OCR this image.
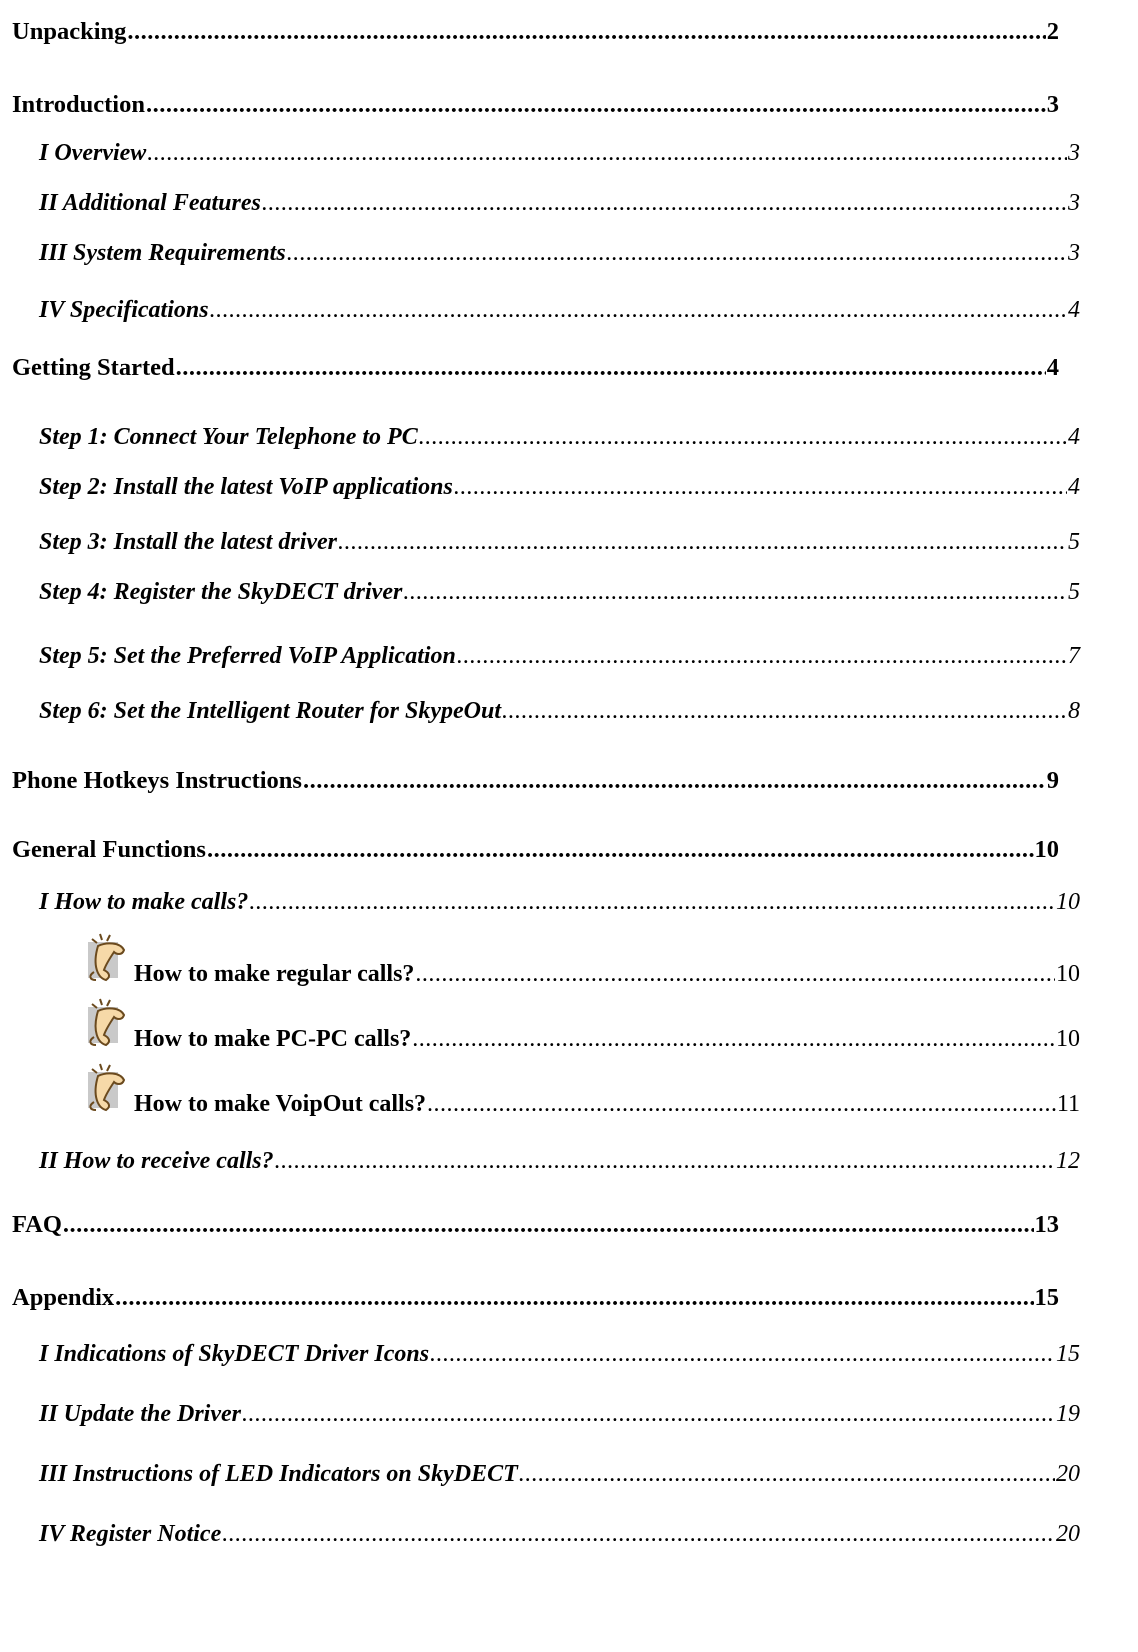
Unpacking .....	2
Introduction .....	3
I Overview .....	3
II Additional Features .....	3
III System Requirements .....	3
IV Specifications .....	4
Getting Started .....	4
Step 1: Connect Your Telephone to PC .....	4
Step 2: Install the latest VoIP applications .....	4
Step 3: Install the latest driver .....	5
Step 4: Register the SkyDECT driver .....	5
Step 5: Set the Preferred VoIP Application .....	7
Step 6: Set the Intelligent Router for SkypeOut .....	8
Phone Hotkeys Instructions .....	9
General Functions .....	10
I How to make calls? .....	10
How to make regular calls? .....	10
How to make PC-PC calls? .....	10
How to make VoipOut calls? .....	11
II How to receive calls? .....	12
FAQ .....	13
Appendix .....	15
I Indications of SkyDECT Driver Icons .....	15
II Update the Driver .....	19
III Instructions of LED Indicators on SkyDECT .....	20
IV Register Notice .....	20
